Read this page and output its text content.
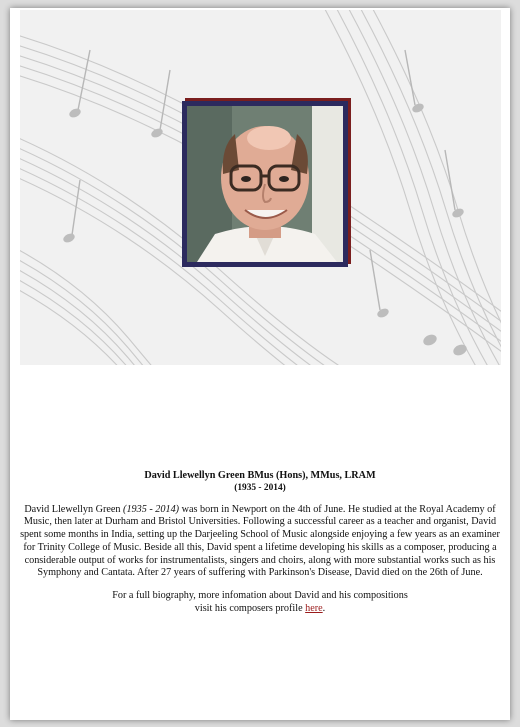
David Llewellyn Green BMus (Hons), MMus, LRAM

(1935 - 2014)

David Llewellyn Green (1935 - 2014) was born in Newport on the 4th of June. He studied at the Royal Academy of Music, then later at Durham and Bristol Universities. Following a successful career as a teacher and organist, David spent some months in India, setting up the Darjeeling School of Music alongside enjoying a few years as an examiner for Trinity College of Music. Beside all this, David spent a lifetime developing his skills as a composer, producing a considerable output of works for instrumentalists, singers and choirs, along with more substantial works such as his Symphony and Cantata. After 27 years of suffering with Parkinson's Disease, David died on the 26th of June.

For a full biography, more infomation about David and his compositions

visit his composers profile here.
